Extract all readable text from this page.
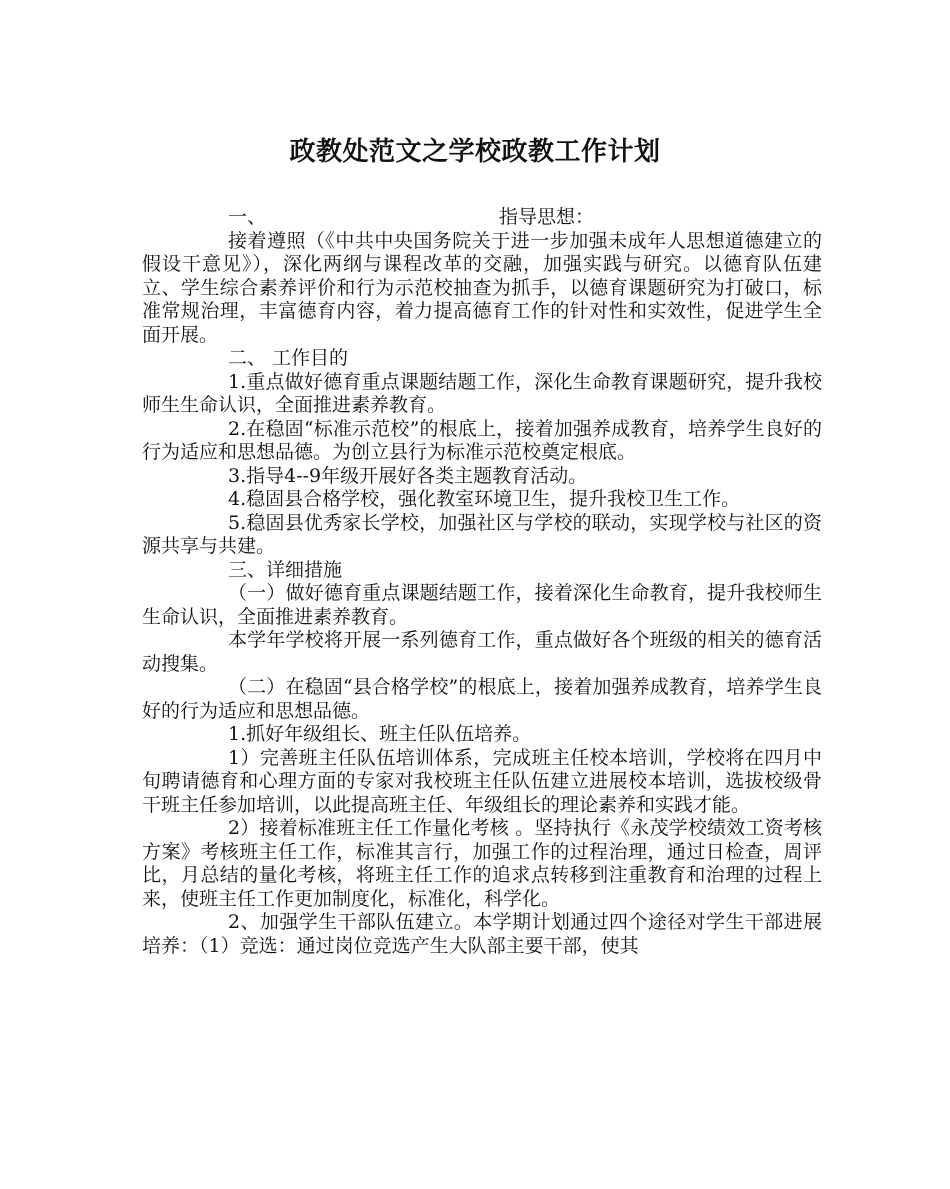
政教处范文之学校政教工作计划
一、	指导思想：

接着遵照（《中共中央国务院关于进一步加强未成年人思想道德建立的假设干意见》），深化两纲与课程改革的交融，加强实践与研究。以德育队伍建立、学生综合素养评价和行为示范校抽查为抓手，以德育课题研究为打破口，标准常规治理，丰富德育内容，着力提高德育工作的针对性和实效性，促进学生全面开展。

二、 工作目的

1.重点做好德育重点课题结题工作，深化生命教育课题研究，提升我校师生生命认识，全面推进素养教育。

2.在稳固“标准示范校”的根底上，接着加强养成教育，培养学生良好的行为适应和思想品德。为创立县行为标准示范校奠定根底。

3.指导4--9年级开展好各类主题教育活动。

4.稳固县合格学校，强化教室环境卫生，提升我校卫生工作。

5.稳固县优秀家长学校，加强社区与学校的联动，实现学校与社区的资源共享与共建。

三、详细措施

（一）做好德育重点课题结题工作，接着深化生命教育，提升我校师生生命认识，全面推进素养教育。

本学年学校将开展一系列德育工作，重点做好各个班级的相关的德育活动搜集。

（二）在稳固“县合格学校”的根底上，接着加强养成教育，培养学生良好的行为适应和思想品德。

1.抓好年级组长、班主任队伍培养。

1）完善班主任队伍培训体系，完成班主任校本培训，学校将在四月中旬聘请德育和心理方面的专家对我校班主任队伍建立进展校本培训，选拔校级骨干班主任参加培训，以此提高班主任、年级组长的理论素养和实践才能。

2）接着标准班主任工作量化考核 。坚持执行《永茂学校绩效工资考核方案》考核班主任工作，标准其言行，加强工作的过程治理，通过日检查，周评比，月总结的量化考核，将班主任工作的追求点转移到注重教育和治理的过程上来，使班主任工作更加制度化，标准化，科学化。

2、加强学生干部队伍建立。本学期计划通过四个途径对学生干部进展培养：（1）竞选：通过岗位竞选产生大队部主要干部，使其
